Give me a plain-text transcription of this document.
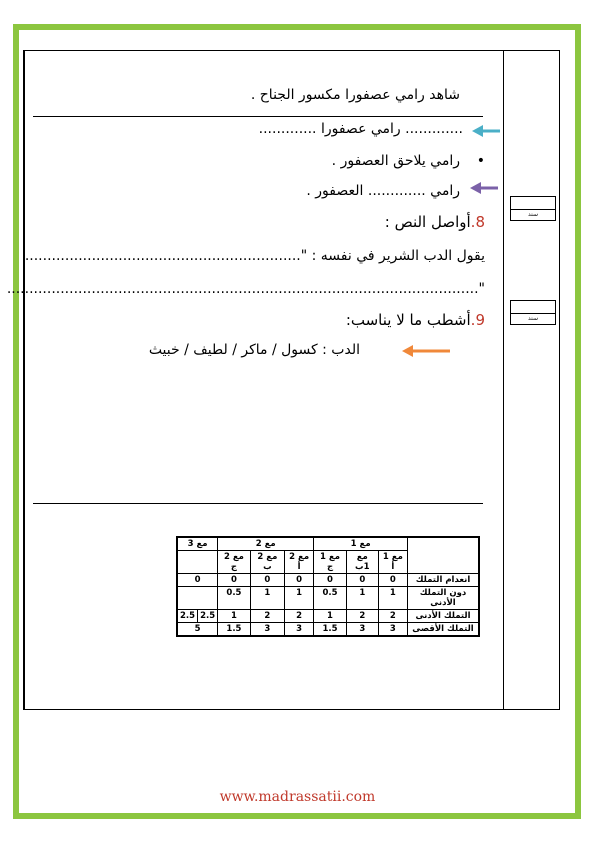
سند
سند
شاهد رامي عصفورا مكسور الجناح .
............. رامي عصفورا .............
•
رامي يلاحق العصفور .
رامي ............. العصفور .
8.أواصل النص :
يقول الدب الشرير في نفسه : "..............................................................
"..........................................................................................................
9.أشطب ما لا يناسب:
الدب : كسول / ماكر / لطيف / خبيث
	مع 1			مع 2			مع 3	
	مع 1 أ	مع 1ب	مع 1 ج	مع 2 أ	مع 2 ب	مع 2 ج		
انعدام التملك	0	0	0	0	0	0	0	
دون التملك الأدنى	1	1	0.5	1	1	0.5		
التملك الأدنى	2	2	1	2	2	1	2.5	2.5
التملك الأقصى	3	3	1.5	3	3	1.5	5	
www.madrassatii.com
